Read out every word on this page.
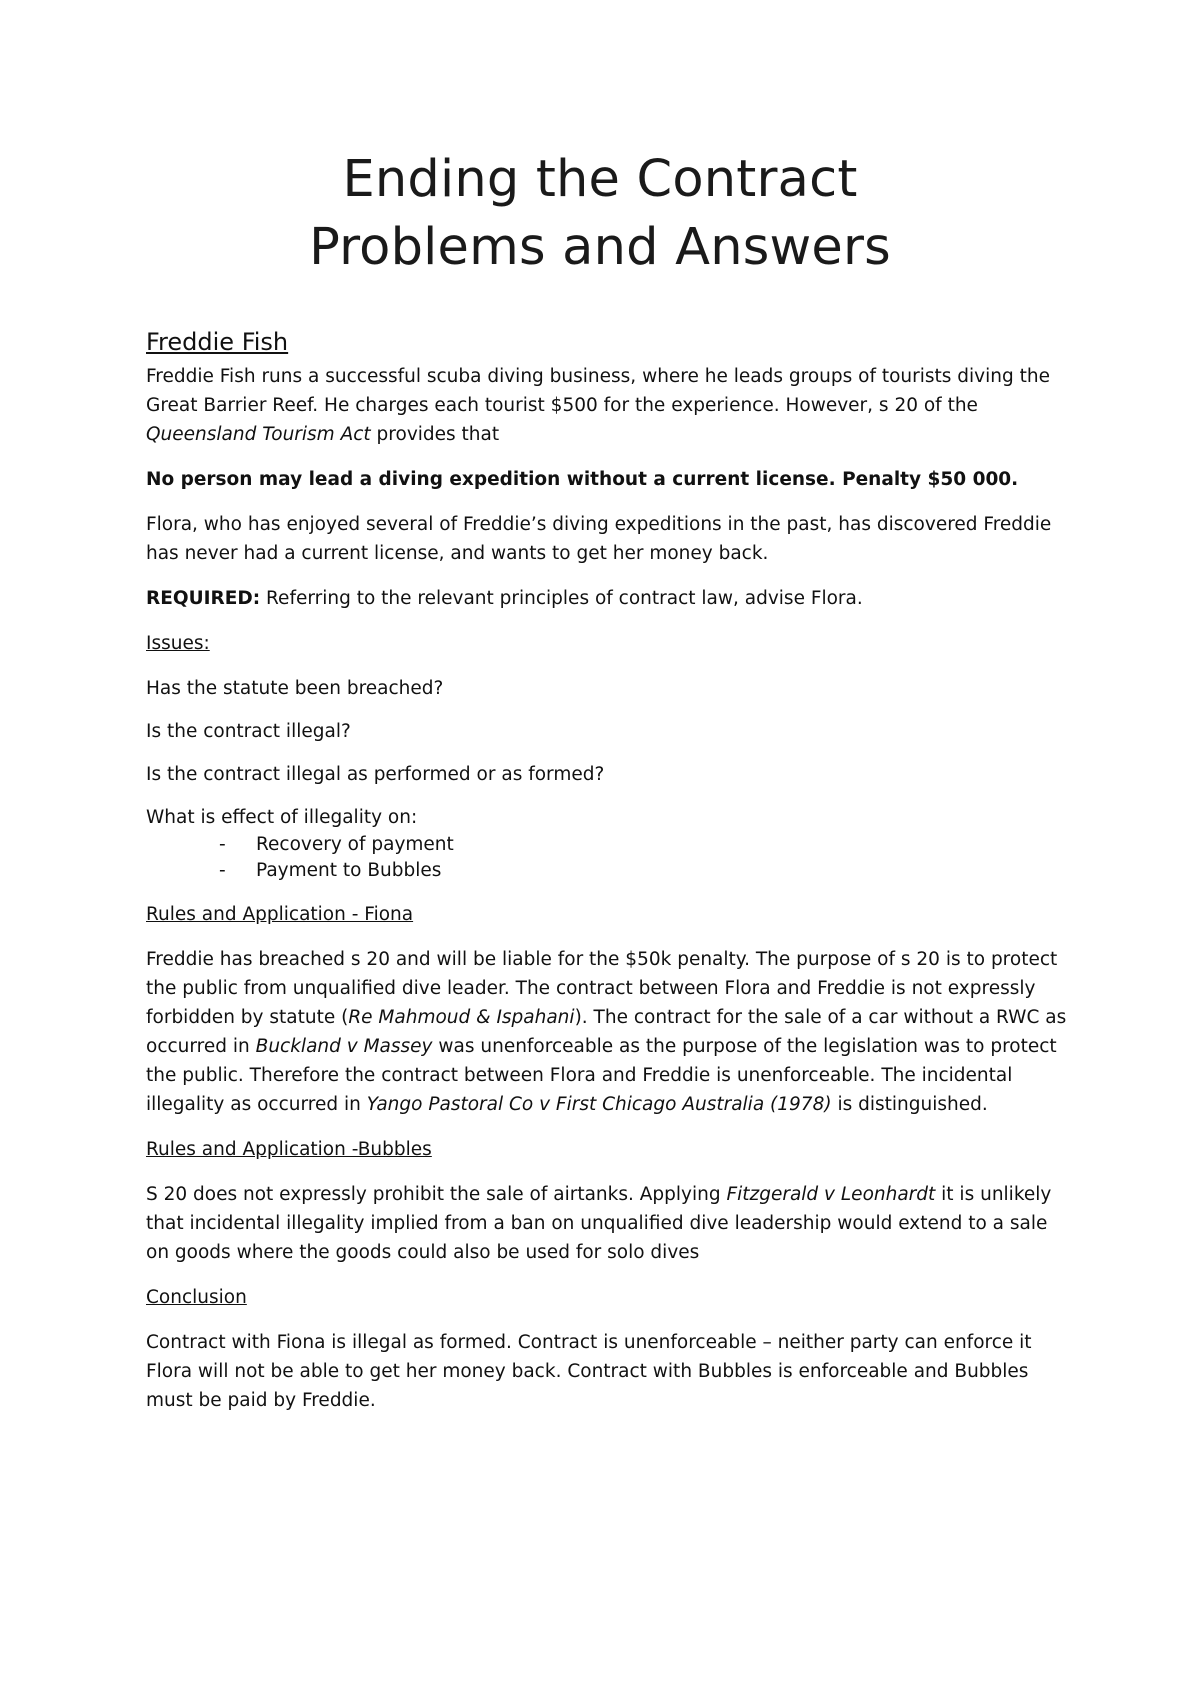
Ending the Contract
Problems and Answers
Freddie Fish

Freddie Fish runs a successful scuba diving business, where he leads groups of tourists diving the Great Barrier Reef. He charges each tourist $500 for the experience. However, s 20 of the Queensland Tourism Act provides that

No person may lead a diving expedition without a current license. Penalty $50 000.

Flora, who has enjoyed several of Freddie’s diving expeditions in the past, has discovered Freddie has never had a current license, and wants to get her money back.

REQUIRED: Referring to the relevant principles of contract law, advise Flora.

Issues:

Has the statute been breached?

Is the contract illegal?

Is the contract illegal as performed or as formed?

What is effect of illegality on:

- Recovery of payment
- Payment to Bubbles

Rules and Application - Fiona

Freddie has breached s 20 and will be liable for the $50k penalty. The purpose of s 20 is to protect the public from unqualified dive leader. The contract between Flora and Freddie is not expressly forbidden by statute (Re Mahmoud & Ispahani). The contract for the sale of a car without a RWC as occurred in Buckland v Massey was unenforceable as the purpose of the legislation was to protect the public. Therefore the contract between Flora and Freddie is unenforceable. The incidental illegality as occurred in Yango Pastoral Co v First Chicago Australia (1978) is distinguished.

Rules and Application -Bubbles

S 20 does not expressly prohibit the sale of airtanks. Applying Fitzgerald v Leonhardt it is unlikely that incidental illegality implied from a ban on unqualified dive leadership would extend to a sale on goods where the goods could also be used for solo dives

Conclusion

Contract with Fiona is illegal as formed. Contract is unenforceable – neither party can enforce it Flora will not be able to get her money back. Contract with Bubbles is enforceable and Bubbles must be paid by Freddie.
